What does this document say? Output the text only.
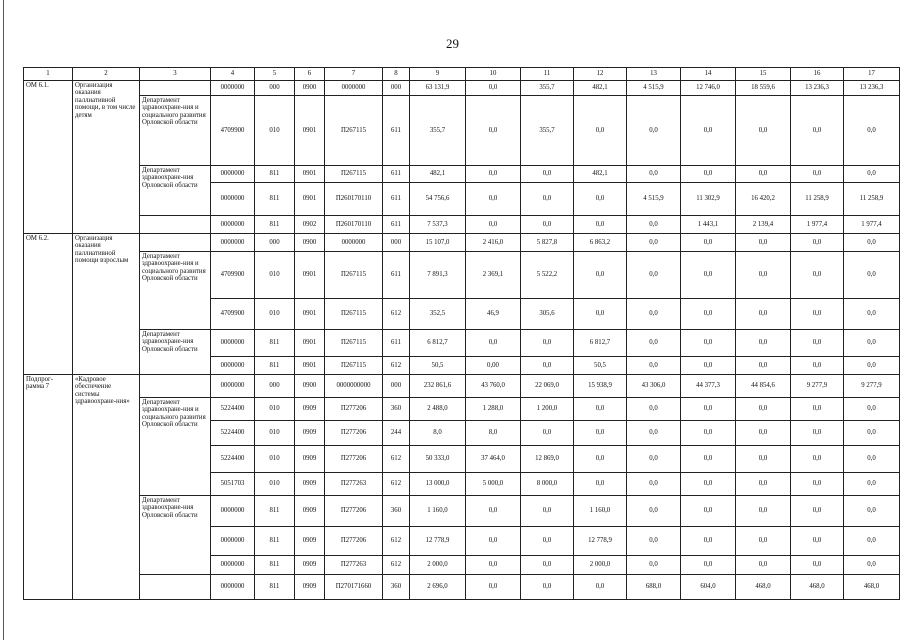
29
1	2	3	4	5	6	7	8	9	10	11	12	13	14	15	16	17
ОМ 6.1.	Организация оказания паллиативной помощи, в том числе детям		0000000	000	0900	0000000	000	63 131,9	0,0	355,7	482,1	4 515,9	12 746,0	18 559,6	13 236,3	13 236,3
		Департамент здравоохране-ния и социального развития Орловской области	4709900	010	0901	П267115	611	355,7	0,0	355,7	0,0	0,0	0,0	0,0	0,0	0,0
		Департамент здравоохране-ния Орловской области	0000000	811	0901	П267115	611	482,1	0,0	0,0	482,1	0,0	0,0	0,0	0,0	0,0
			0000000	811	0901	П260170110	611	54 756,6	0,0	0,0	0,0	4 515,9	11 302,9	16 420,2	11 258,9	11 258,9
			0000000	811	0902	П260170110	611	7 537,3	0,0	0,0	0,0	0,0	1 443,1	2 139,4	1 977,4	1 977,4
ОМ 6.2.	Организация оказания паллиативной помощи взрослым		0000000	000	0900	0000000	000	15 107,0	2 416,0	5 827,8	6 863,2	0,0	0,0	0,0	0,0	0,0
		Департамент здравоохране-ния и социального развития Орловской области	4709900	010	0901	П267115	611	7 891,3	2 369,1	5 522,2	0,0	0,0	0,0	0,0	0,0	0,0
			4709900	010	0901	П267115	612	352,5	46,9	305,6	0,0	0,0	0,0	0,0	0,0	0,0
		Департамент здравоохране-ния Орловской области	0000000	811	0901	П267115	611	6 812,7	0,0	0,0	6 812,7	0,0	0,0	0,0	0,0	0,0
			0000000	811	0901	П267115	612	50,5	0,00	0,0	50,5	0,0	0,0	0,0	0,0	0,0
Подпрог-рамма 7	«Кадровое обеспечение системы здравоохране-ния»		0000000	000	0900	0000000000	000	232 861,6	43 760,0	22 069,0	15 938,9	43 306,0	44 377,3	44 854,6	9 277,9	9 277,9
		Департамент здравоохране-ния и социального развития Орловской области	5224400	010	0909	П277206	360	2 488,0	1 288,0	1 200,0	0,0	0,0	0,0	0,0	0,0	0,0
			5224400	010	0909	П277206	244	8,0	8,0	0,0	0,0	0,0	0,0	0,0	0,0	0,0
			5224400	010	0909	П277206	612	50 333,0	37 464,0	12 869,0	0,0	0,0	0,0	0,0	0,0	0,0
			5051703	010	0909	П277263	612	13 000,0	5 000,0	8 000,0	0,0	0,0	0,0	0,0	0,0	0,0
		Департамент здравоохране-ния Орловской области	0000000	811	0909	П277206	360	1 160,0	0,0	0,0	1 160,0	0,0	0,0	0,0	0,0	0,0
			0000000	811	0909	П277206	612	12 778,9	0,0	0,0	12 778,9	0,0	0,0	0,0	0,0	0,0
			0000000	811	0909	П277263	612	2 000,0	0,0	0,0	2 000,0	0,0	0,0	0,0	0,0	0,0
			0000000	811	0909	П270171660	360	2 696,0	0,0	0,0	0,0	688,0	604,0	468,0	468,0	468,0
